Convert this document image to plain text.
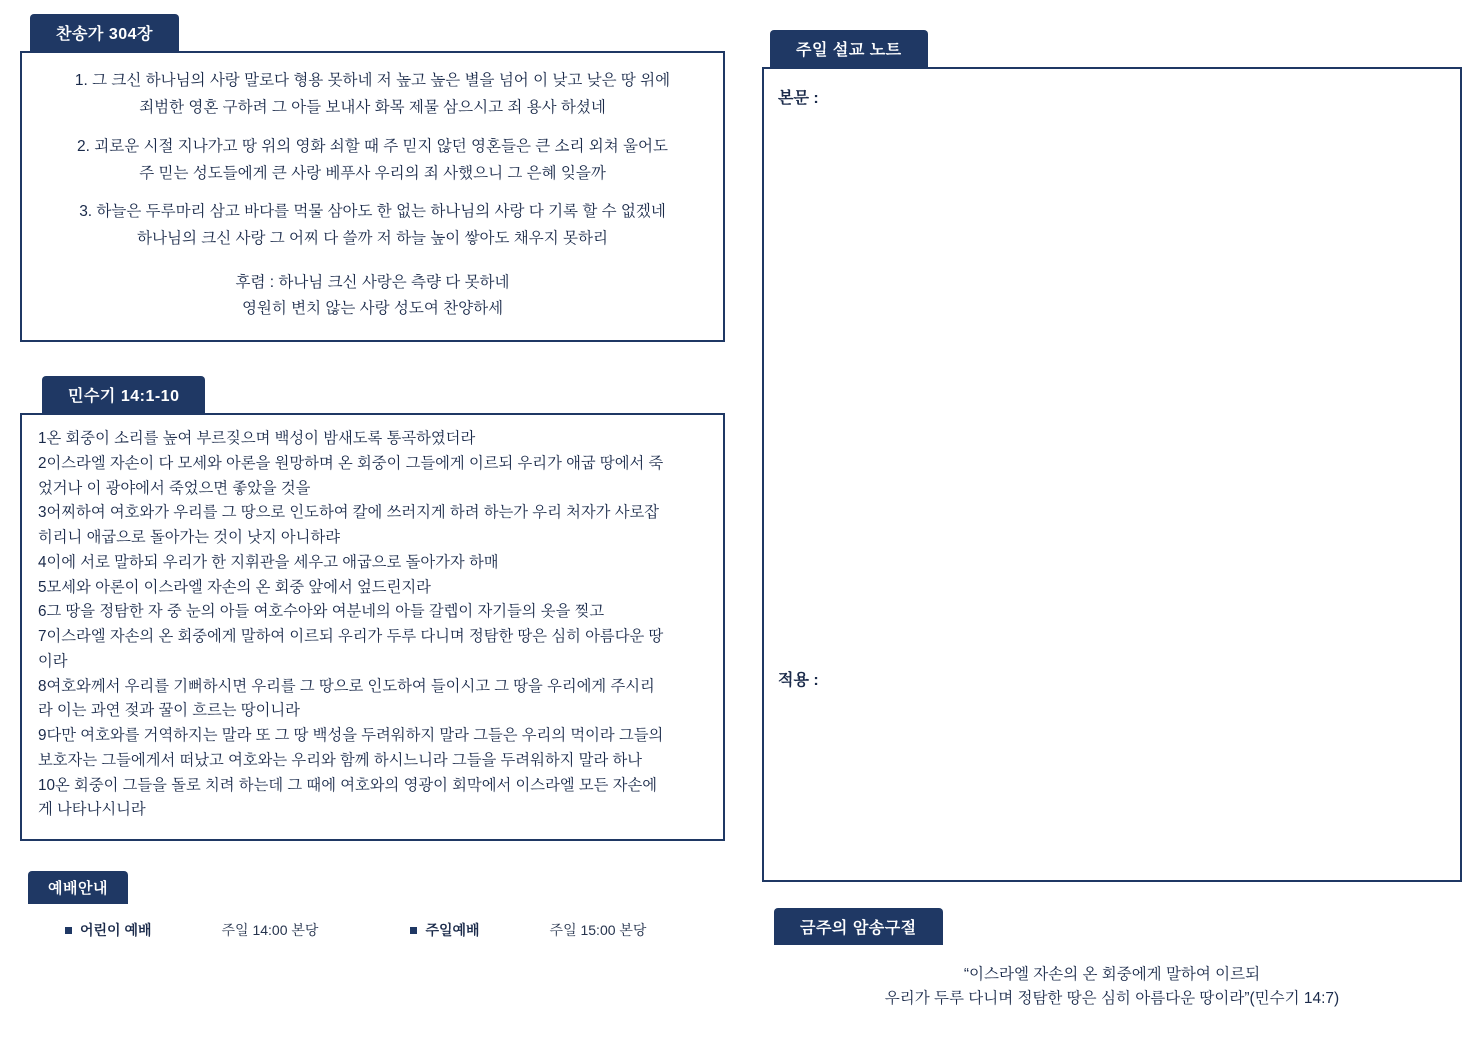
찬송가 304장
1. 그 크신 하나님의 사랑 말로다 형용 못하네 저 높고 높은 별을 넘어 이 낮고 낮은 땅 위에
죄범한 영혼 구하려 그 아들 보내사 화목 제물 삼으시고 죄 용사 하셨네
2. 괴로운 시절 지나가고 땅 위의 영화 쇠할 때 주 믿지 않던 영혼들은 큰 소리 외쳐 울어도
주 믿는 성도들에게 큰 사랑 베푸사 우리의 죄 사했으니 그 은혜 잊을까
3. 하늘은 두루마리 삼고 바다를 먹물 삼아도 한 없는 하나님의 사랑 다 기록 할 수 없겠네
하나님의 크신 사랑 그 어찌 다 쓸까 저 하늘 높이 쌓아도 채우지 못하리
후렴 : 하나님 크신 사랑은 측량 다 못하네
영원히 변치 않는 사랑 성도여 찬양하세
민수기 14:1-10

1온 회중이 소리를 높여 부르짖으며 백성이 밤새도록 통곡하였더라

2이스라엘 자손이 다 모세와 아론을 원망하며 온 회중이 그들에게 이르되 우리가 애굽 땅에서 죽

었거나 이 광야에서 죽었으면 좋았을 것을

3어찌하여 여호와가 우리를 그 땅으로 인도하여 칼에 쓰러지게 하려 하는가 우리 처자가 사로잡

히리니 애굽으로 돌아가는 것이 낫지 아니하랴

4이에 서로 말하되 우리가 한 지휘관을 세우고 애굽으로 돌아가자 하매

5모세와 아론이 이스라엘 자손의 온 회중 앞에서 엎드린지라

6그 땅을 정탐한 자 중 눈의 아들 여호수아와 여분네의 아들 갈렙이 자기들의 옷을 찢고

7이스라엘 자손의 온 회중에게 말하여 이르되 우리가 두루 다니며 정탐한 땅은 심히 아름다운 땅

이라

8여호와께서 우리를 기뻐하시면 우리를 그 땅으로 인도하여 들이시고 그 땅을 우리에게 주시리

라 이는 과연 젖과 꿀이 흐르는 땅이니라

9다만 여호와를 거역하지는 말라 또 그 땅 백성을 두려워하지 말라 그들은 우리의 먹이라 그들의

보호자는 그들에게서 떠났고 여호와는 우리와 함께 하시느니라 그들을 두려워하지 말라 하나

10온 회중이 그들을 돌로 치려 하는데 그 때에 여호와의 영광이 회막에서 이스라엘 모든 자손에

게 나타나시니라

예배안내
어린이 예배	주일 14:00 본당	주일예배	주일 15:00 본당
주일 설교 노트
본문 :
적용 :
금주의 암송구절
“이스라엘 자손의 온 회중에게 말하여 이르되
우리가 두루 다니며 정탐한 땅은 심히 아름다운 땅이라”(민수기 14:7)
